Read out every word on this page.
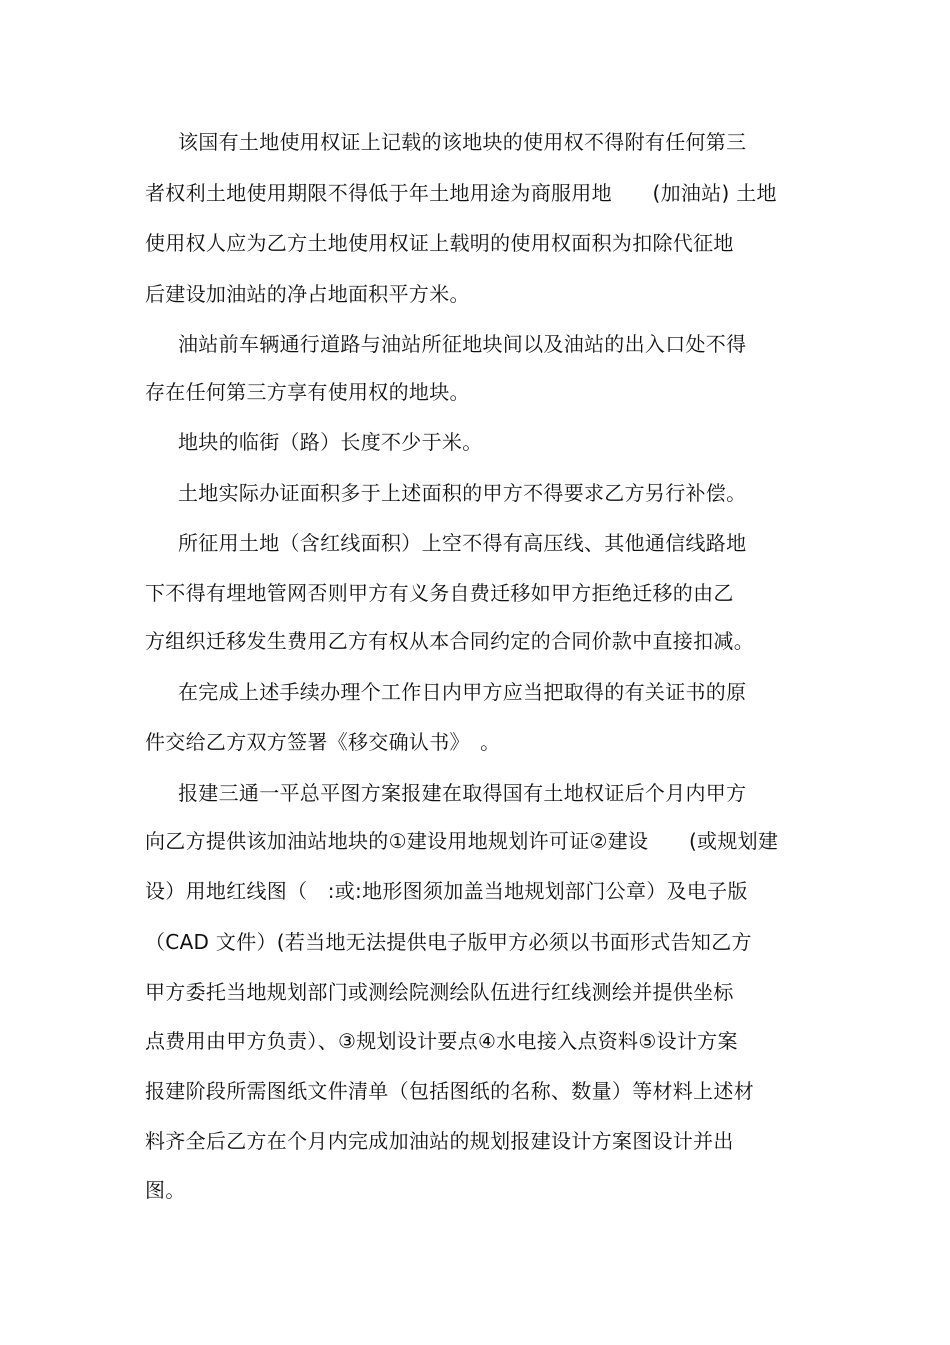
该国有土地使用权证上记载的该地块的使用权不得附有任何第三
者权利土地使用期限不得低于年土地用途为商服用地　　(加油站) 土地
使用权人应为乙方土地使用权证上载明的使用权面积为扣除代征地
后建设加油站的净占地面积平方米。
油站前车辆通行道路与油站所征地块间以及油站的出入口处不得
存在任何第三方享有使用权的地块。
地块的临街（路）长度不少于米。
土地实际办证面积多于上述面积的甲方不得要求乙方另行补偿。
所征用土地（含红线面积）上空不得有高压线、其他通信线路地
下不得有埋地管网否则甲方有义务自费迁移如甲方拒绝迁移的由乙
方组织迁移发生费用乙方有权从本合同约定的合同价款中直接扣减。
在完成上述手续办理个工作日内甲方应当把取得的有关证书的原
件交给乙方双方签署《移交确认书》　。
报建三通一平总平图方案报建在取得国有土地权证后个月内甲方
向乙方提供该加油站地块的①建设用地规划许可证②建设　　(或规划建
设）用地红线图（　:或:地形图须加盖当地规划部门公章）及电子版
（CAD 文件）(若当地无法提供电子版甲方必须以书面形式告知乙方
甲方委托当地规划部门或测绘院测绘队伍进行红线测绘并提供坐标
点费用由甲方负责）、③规划设计要点④水电接入点资料⑤设计方案
报建阶段所需图纸文件清单（包括图纸的名称、数量）等材料上述材
料齐全后乙方在个月内完成加油站的规划报建设计方案图设计并出
图。
